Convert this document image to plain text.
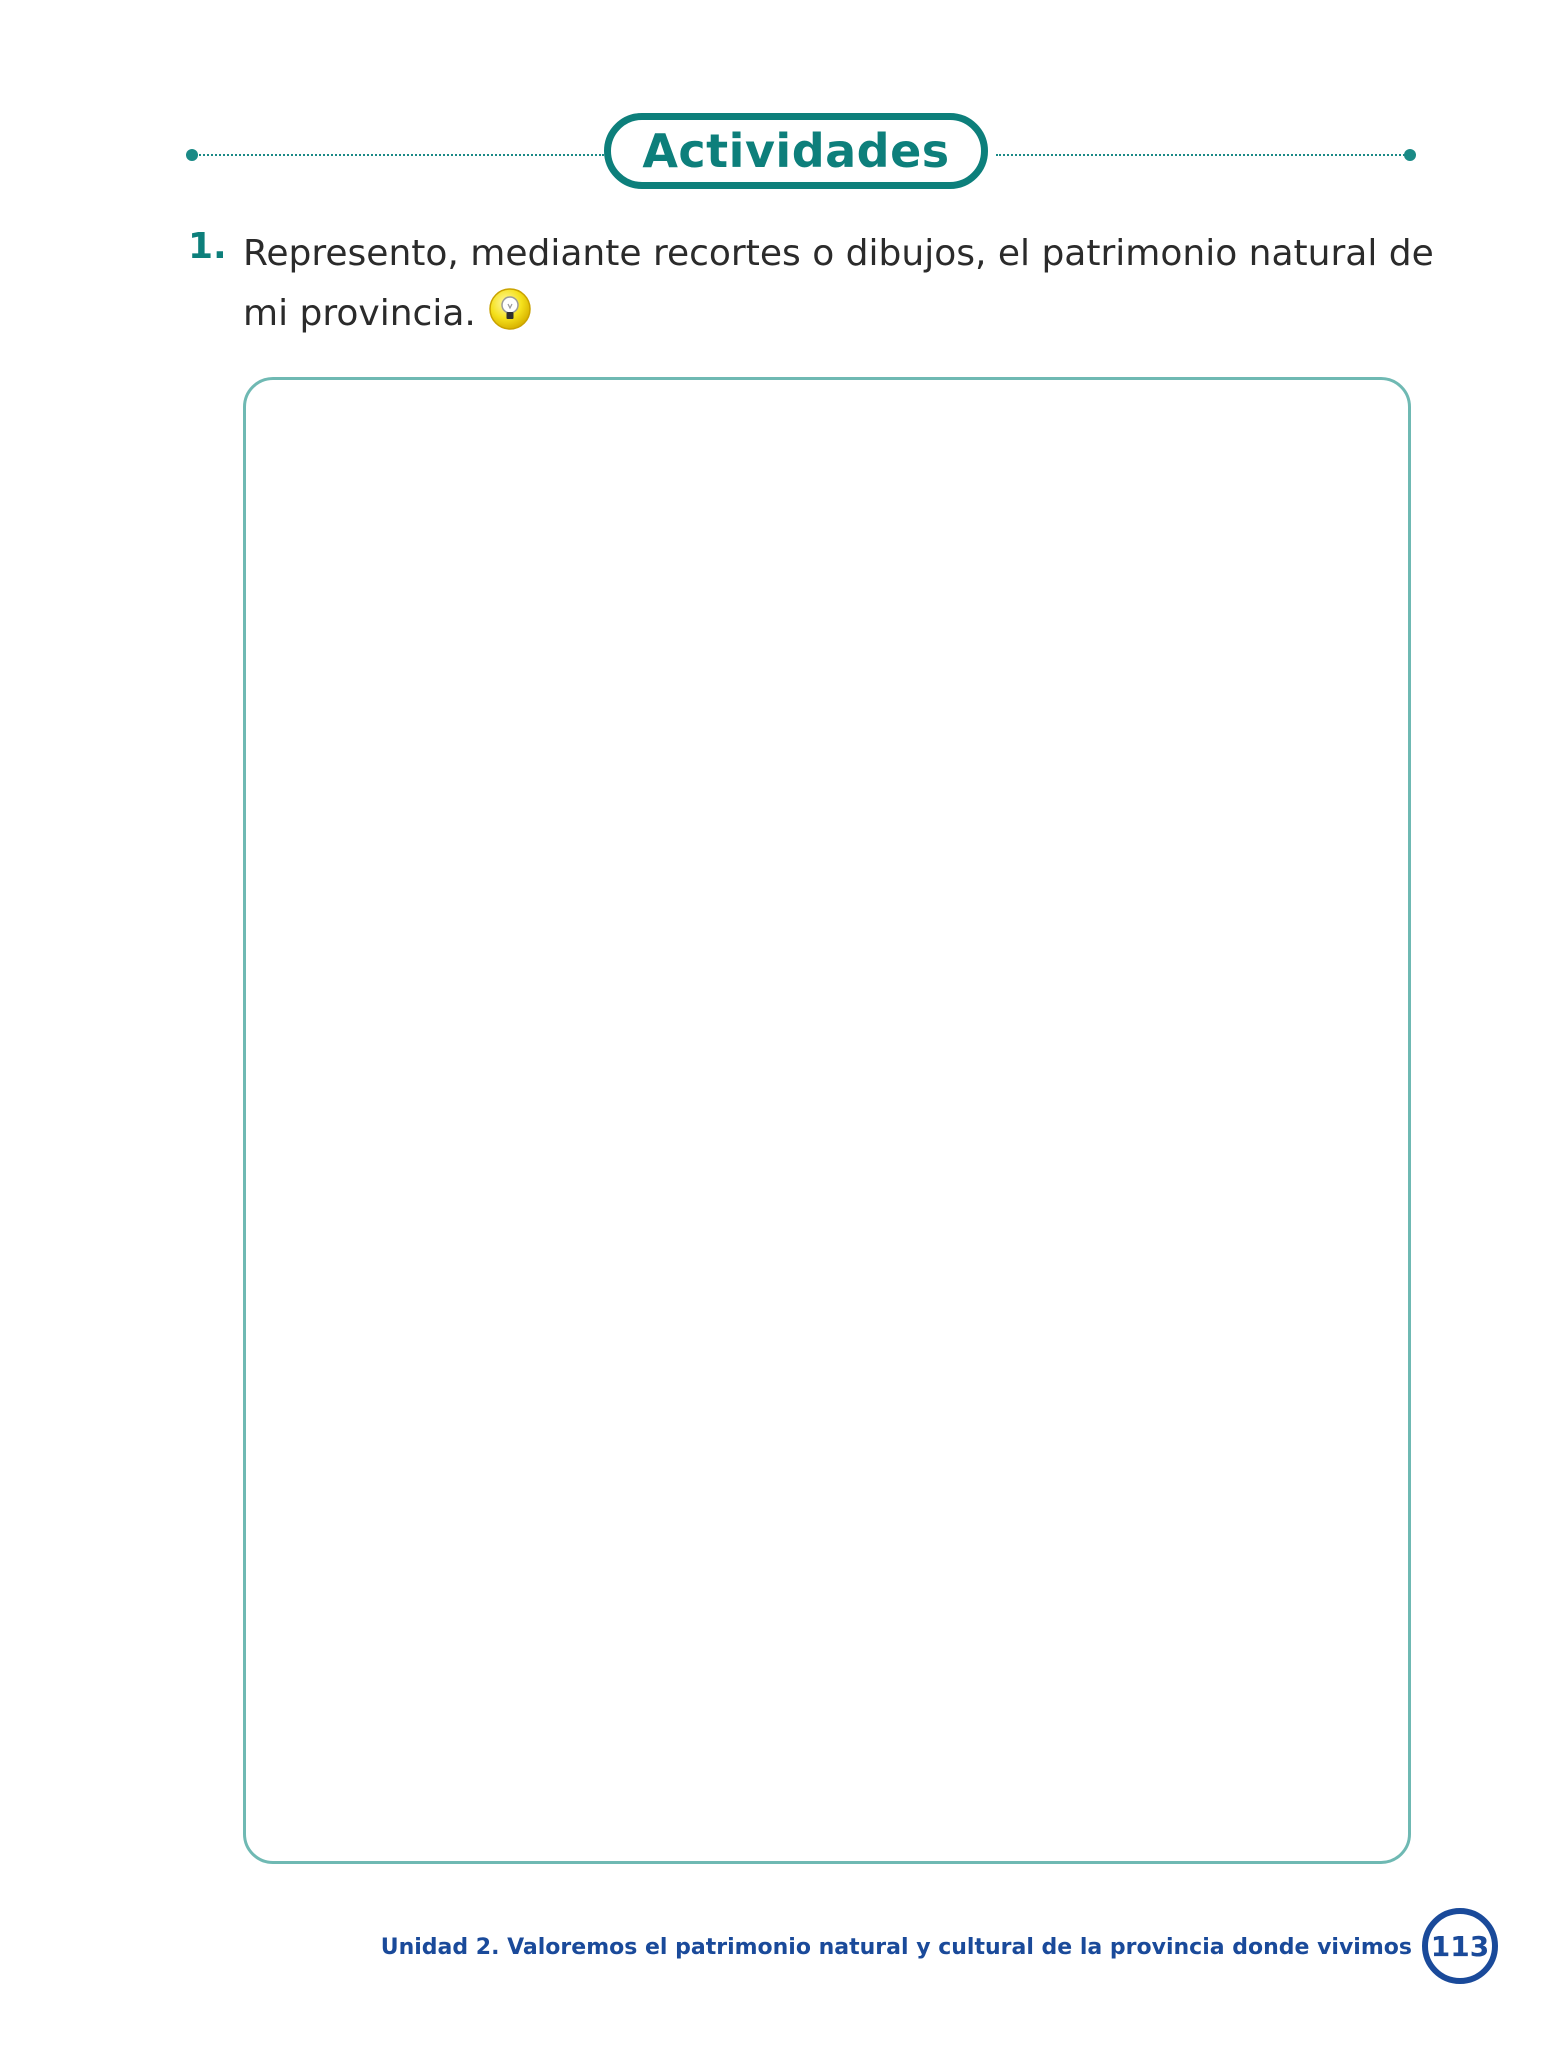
Actividades
1. Represento, mediante recortes o dibujos, el patrimonio natural de
mi provincia.
Unidad 2. Valoremos el patrimonio natural y cultural de la provincia donde vivimos 113
